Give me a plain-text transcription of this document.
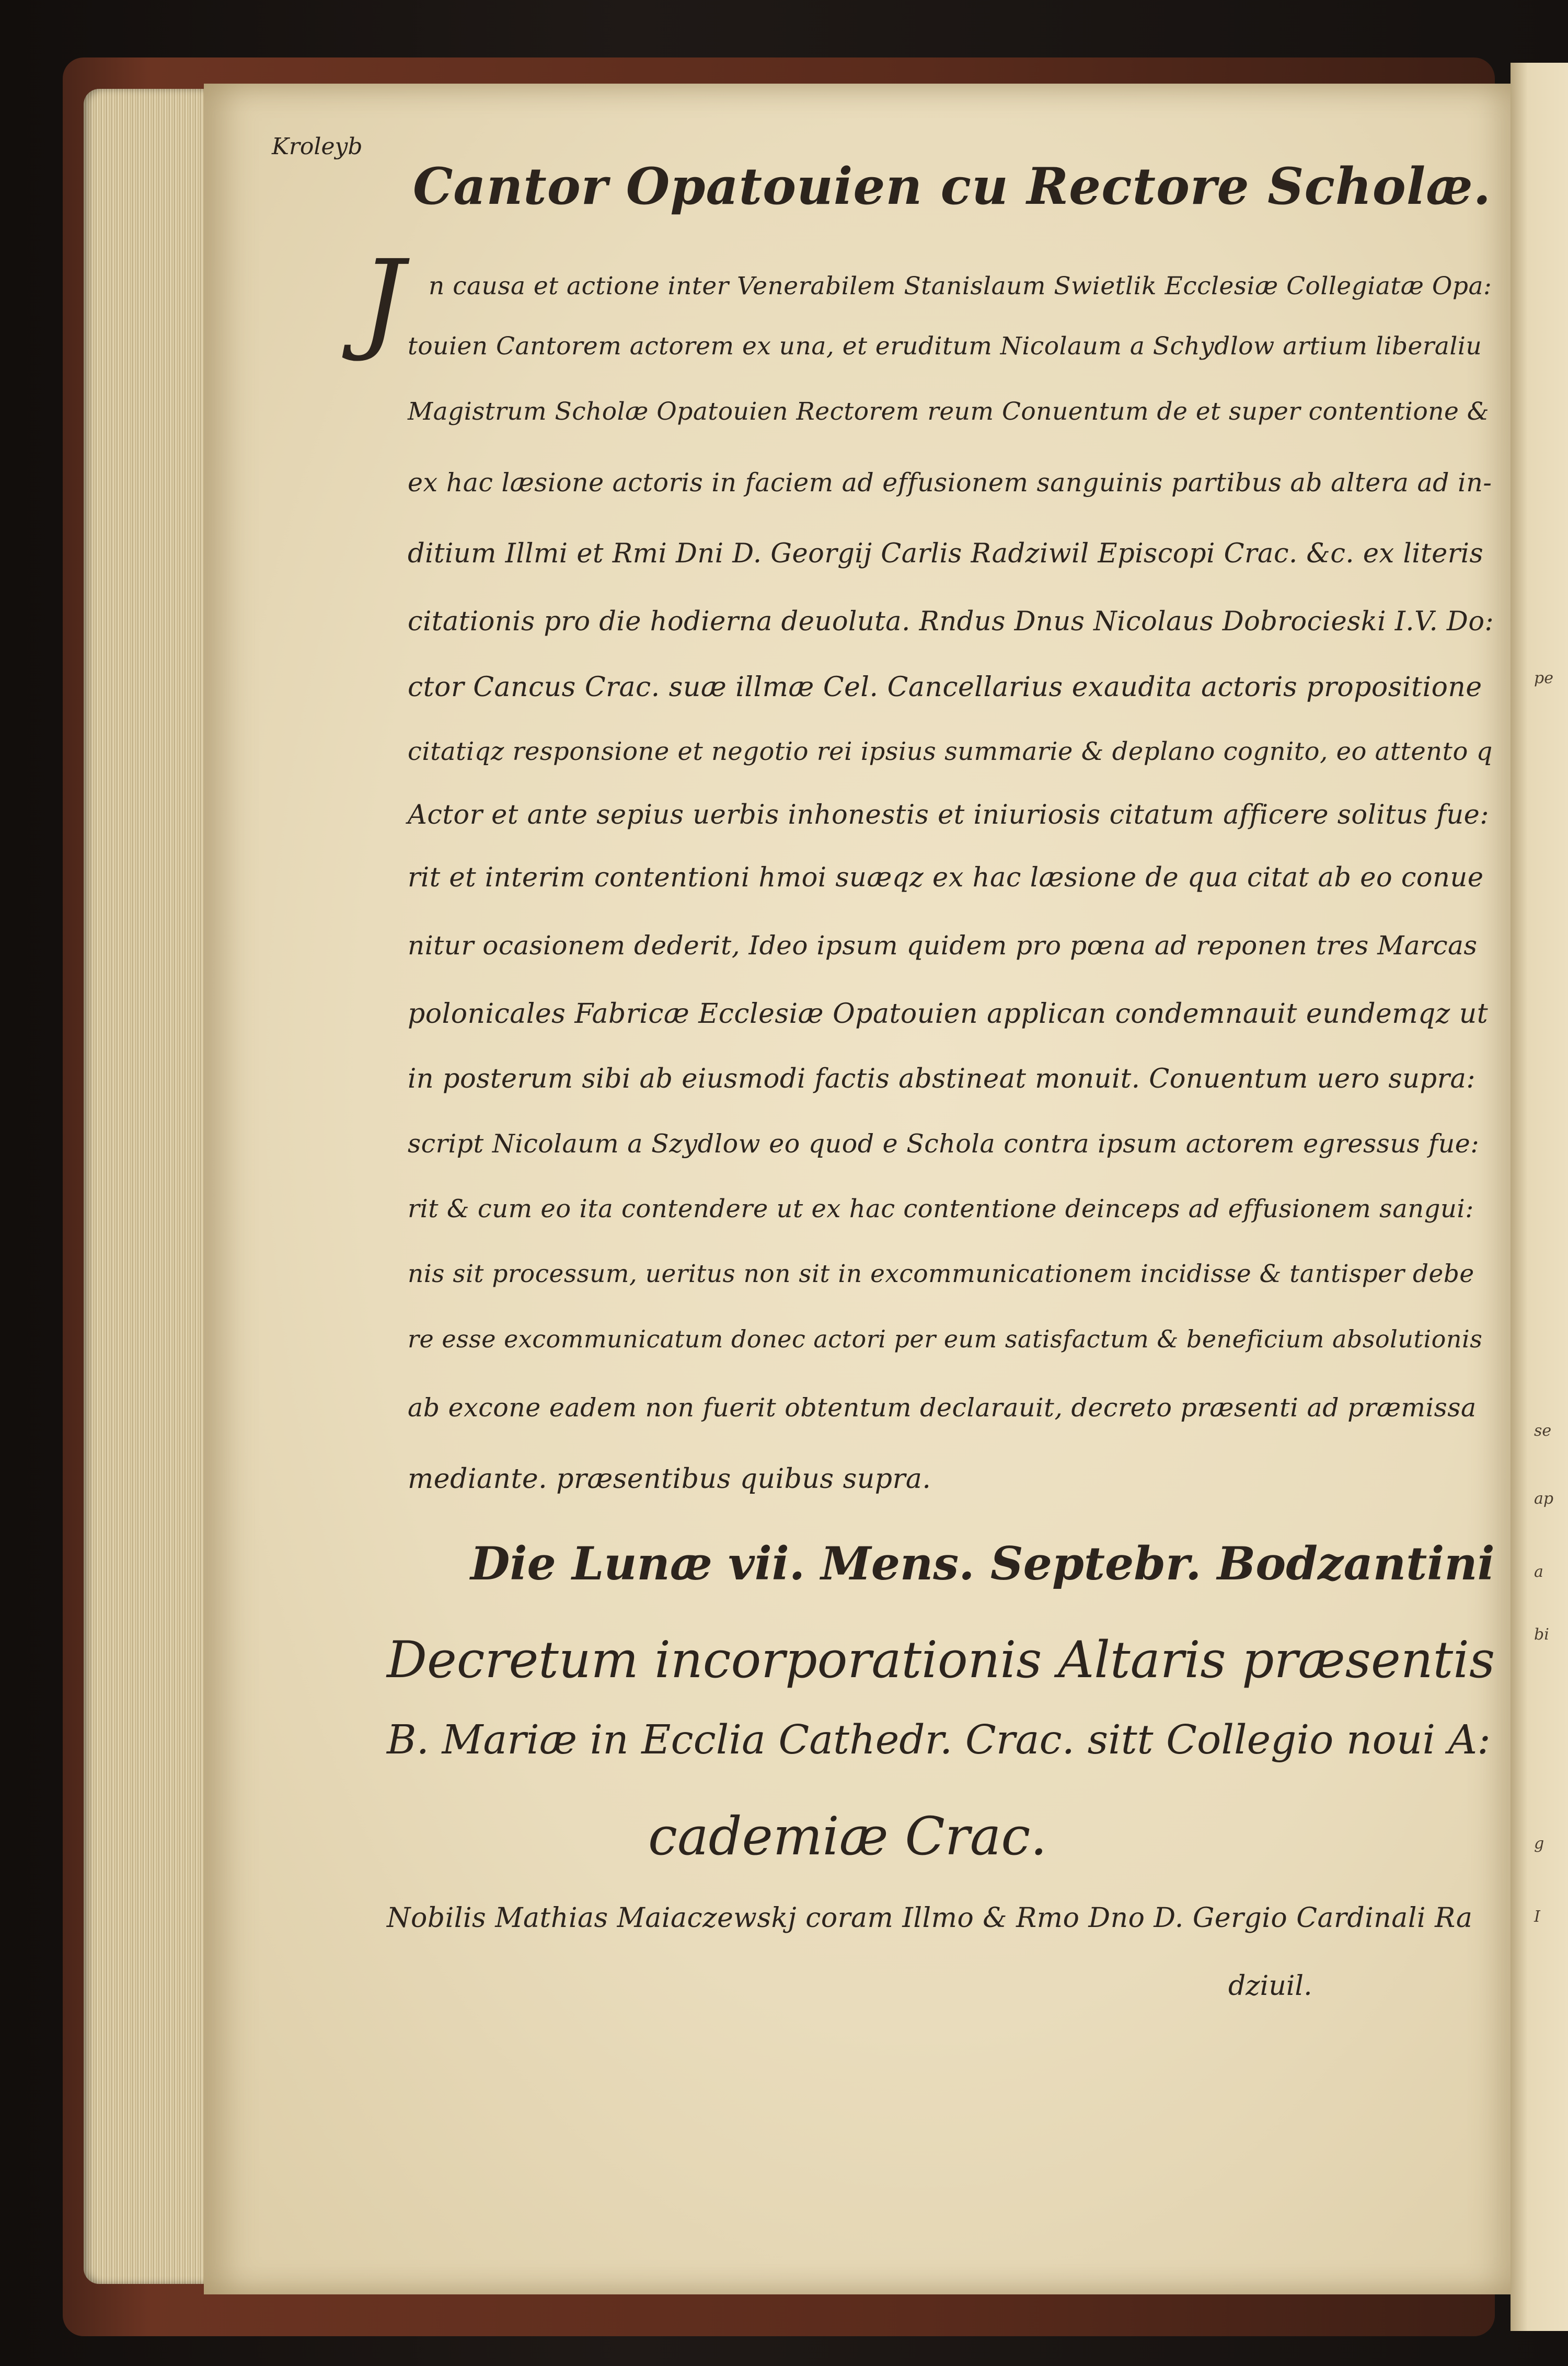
pe
se
ap
a
bi
g
I
Kroleyb
Cantor Opatouien cu Rectore Scholæ.
J n causa et actione inter Venerabilem Stanislaum Swietlik Ecclesiæ Collegiatæ Opa:
touien Cantorem actorem ex una, et eruditum Nicolaum a Schydlow artium liberaliu
Magistrum Scholæ Opatouien Rectorem reum Conuentum de et super contentione &
ex hac læsione actoris in faciem ad effusionem sanguinis partibus ab altera ad in-
ditium Illmi et Rmi Dni D. Georgij Carlis Radziwil Episcopi Crac. &c. ex literis
citationis pro die hodierna deuoluta. Rndus Dnus Nicolaus Dobrocieski I.V. Do:
ctor Cancus Crac. suæ illmæ Cel. Cancellarius exaudita actoris propositione
citatiqz responsione et negotio rei ipsius summarie & deplano cognito, eo attento q
Actor et ante sepius uerbis inhonestis et iniuriosis citatum afficere solitus fue:
rit et interim contentioni hmoi suæqz ex hac læsione de qua citat ab eo conue
nitur ocasionem dederit, Ideo ipsum quidem pro pœna ad reponen tres Marcas
polonicales Fabricæ Ecclesiæ Opatouien applican condemnauit eundemqz ut
in posterum sibi ab eiusmodi factis abstineat monuit. Conuentum uero supra:
script Nicolaum a Szydlow eo quod e Schola contra ipsum actorem egressus fue:
rit & cum eo ita contendere ut ex hac contentione deinceps ad effusionem sangui:
nis sit processum, ueritus non sit in excommunicationem incidisse & tantisper debe
re esse excommunicatum donec actori per eum satisfactum & beneficium absolutionis
ab excone eadem non fuerit obtentum declarauit, decreto præsenti ad præmissa
mediante. præsentibus quibus supra.
Die Lunæ vii. Mens. Septebr. Bodzantini
Decretum incorporationis Altaris præsentis
B. Mariæ in Eccliа Cathedr. Crac. sitt Collegio noui A:
cademiæ Crac.
Nobilis Mathias Maiaczewskj coram Illmo & Rmo Dno D. Gergio Cardinali Ra
dziuil.
